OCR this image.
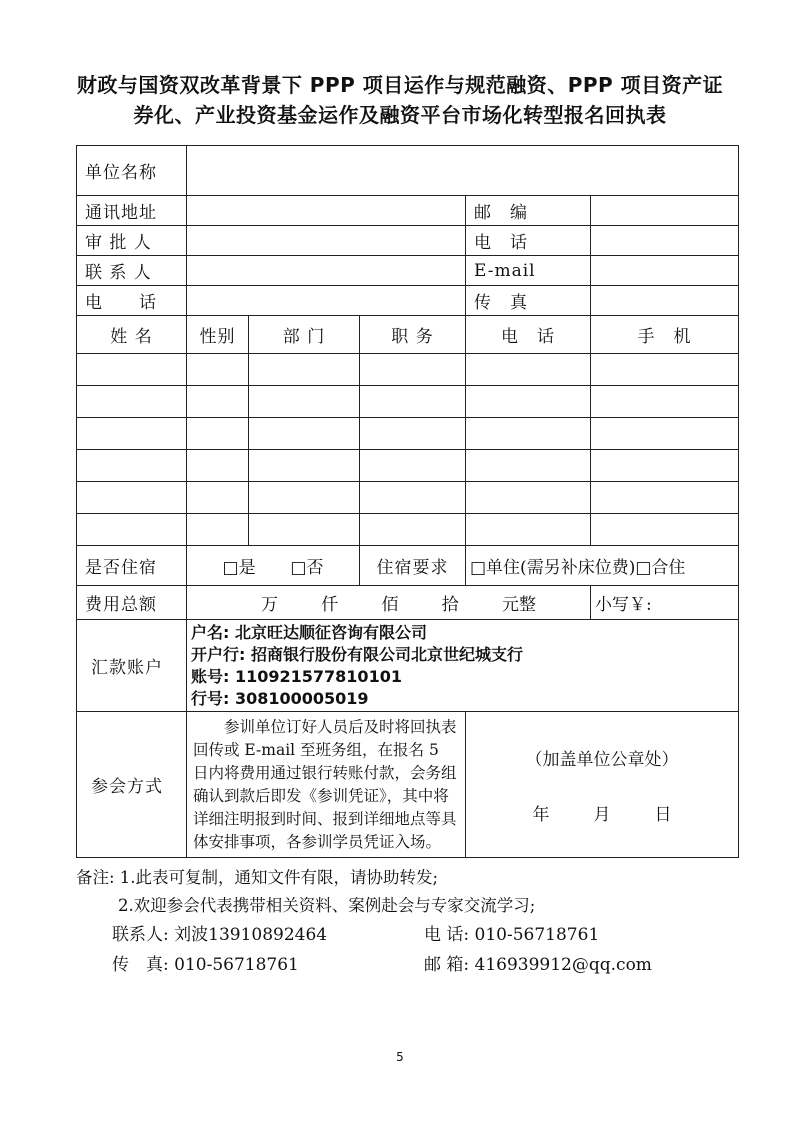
财政与国资双改革背景下 PPP 项目运作与规范融资、PPP 项目资产证
券化、产业投资基金运作及融资平台市场化转型报名回执表
单位名称					
通讯地址				邮　编	
审 批 人				电　话	
联 系 人				E-mail	
电　　话				传　真	
姓 名	性别	部 门	职 务	电　话	手　机

是否住宿	□是 □否		住宿要求	□单住(需另补床位费)□合住	
费用总额	万 仟 佰 拾 元整				小写￥:
汇款账户	户名: 北京旺达顺征咨询有限公司
开户行: 招商银行股份有限公司北京世纪城支行
账号: 110921577810101
行号: 308100005019				

参会方式	参训单位订好人员后及时将回执表回传或 E-mail 至班务组，在报名 5 日内将费用通过银行转账付款，会务组确认到款后即发《参训凭证》，其中将详细注明报到时间、报到详细地点等具体安排事项，各参训学员凭证入场。			（加盖单位公章处）
年 月 日	
备注: 1.此表可复制，通知文件有限，请协助转发;
2.欢迎参会代表携带相关资料、案例赴会与专家交流学习;
联系人: 刘波13910892464	电 话: 010-56718761
传　真: 010-56718761	邮 箱: 416939912@qq.com
5
